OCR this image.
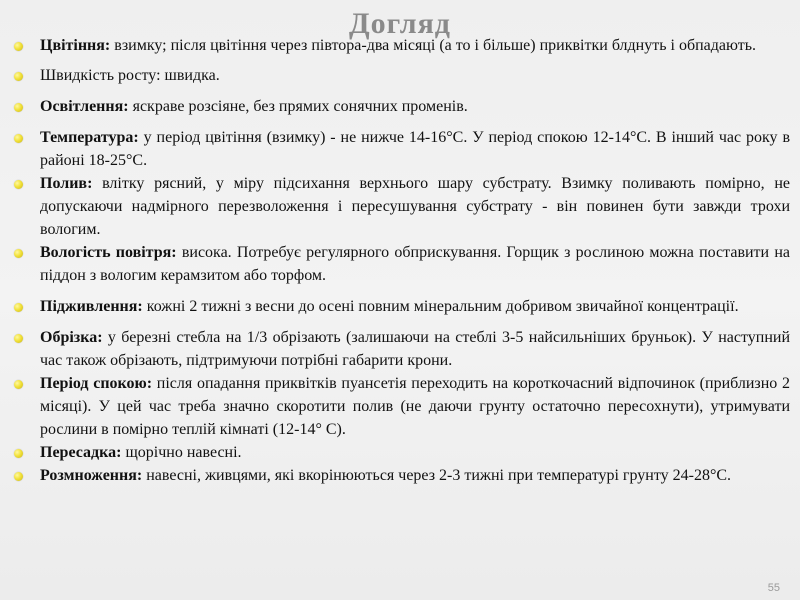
Догляд
Цвітіння: взимку; після цвітіння через півтора-два місяці (а то і більше) приквітки блднуть і обпадають.
Швидкість росту: швидка.
Освітлення: яскраве розсіяне, без прямих сонячних променів.
Температура: у період цвітіння (взимку) - не нижче 14-16°С. У період спокою 12-14°С. В інший час року в районі 18-25°С.
Полив: влітку рясний, у міру підсихання верхнього шару субстрату. Взимку поливають помірно, не допускаючи надмірного перезволоження і пересушування субстрату - він повинен бути завжди трохи вологим.
Вологість повітря: висока. Потребує регулярного обприскування. Горщик з рослиною можна поставити на піддон з вологим керамзитом або торфом.
Підживлення: кожні 2 тижні з весни до осені повним мінеральним добривом звичайної концентрації.
Обрізка: у березні стебла на 1/3 обрізають (залишаючи на стеблі 3-5 найсильніших бруньок). У наступний час також обрізають, підтримуючи потрібні габарити крони.
Період спокою: після опадання приквітків пуансетія переходить на короткочасний відпочинок (приблизно 2 місяці). У цей час треба значно скоротити полив (не даючи грунту остаточно пересохнути), утримувати рослини в помірно теплій кімнаті (12-14° С).
Пересадка: щорічно навесні.
Розмноження: навесні, живцями, які вкорінюються через 2-3 тижні при температурі грунту 24-28°С.
55
